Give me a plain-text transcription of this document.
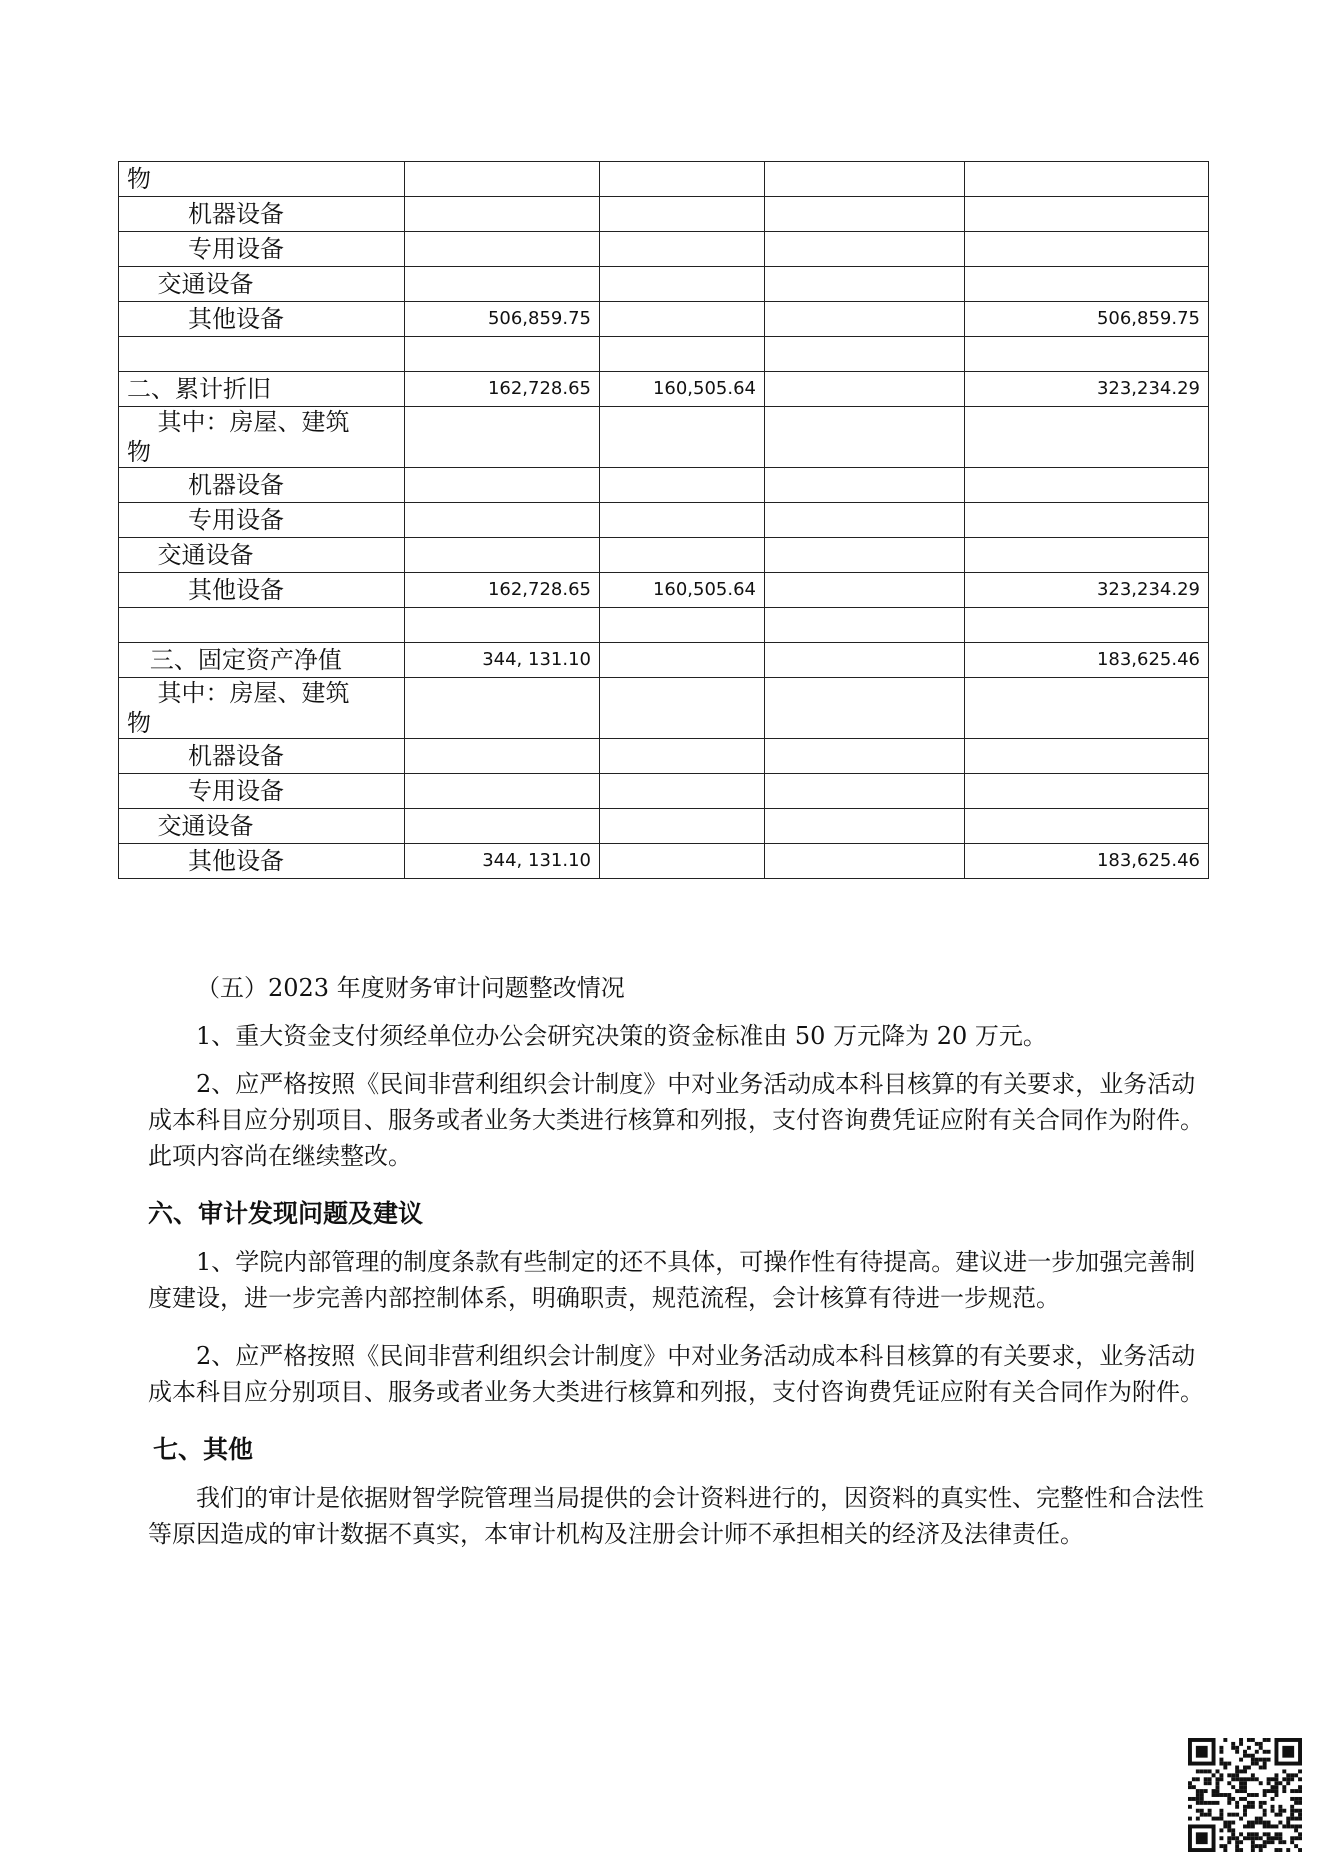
物				
机器设备				
专用设备				
交通设备				
其他设备	506,859.75			506,859.75

二、累计折旧	162,728.65	160,505.64		323,234.29
其中：房屋、建筑
物				
机器设备				
专用设备				
交通设备				
其他设备	162,728.65	160,505.64		323,234.29

三、固定资产净值	344, 131.10			183,625.46
其中：房屋、建筑
物				
机器设备				
专用设备				
交通设备				
其他设备	344, 131.10			183,625.46

（五）2023 年度财务审计问题整改情况

1、重大资金支付须经单位办公会研究决策的资金标准由 50 万元降为 20 万元。

2、应严格按照《民间非营利组织会计制度》中对业务活动成本科目核算的有关要求，业务活动成本科目应分别项目、服务或者业务大类进行核算和列报，支付咨询费凭证应附有关合同作为附件。此项内容尚在继续整改。

六、审计发现问题及建议

1、学院内部管理的制度条款有些制定的还不具体，可操作性有待提高。建议进一步加强完善制度建设，进一步完善内部控制体系，明确职责，规范流程，会计核算有待进一步规范。

2、应严格按照《民间非营利组织会计制度》中对业务活动成本科目核算的有关要求，业务活动成本科目应分别项目、服务或者业务大类进行核算和列报，支付咨询费凭证应附有关合同作为附件。

七、其他

我们的审计是依据财智学院管理当局提供的会计资料进行的，因资料的真实性、完整性和合法性等原因造成的审计数据不真实，本审计机构及注册会计师不承担相关的经济及法律责任。
